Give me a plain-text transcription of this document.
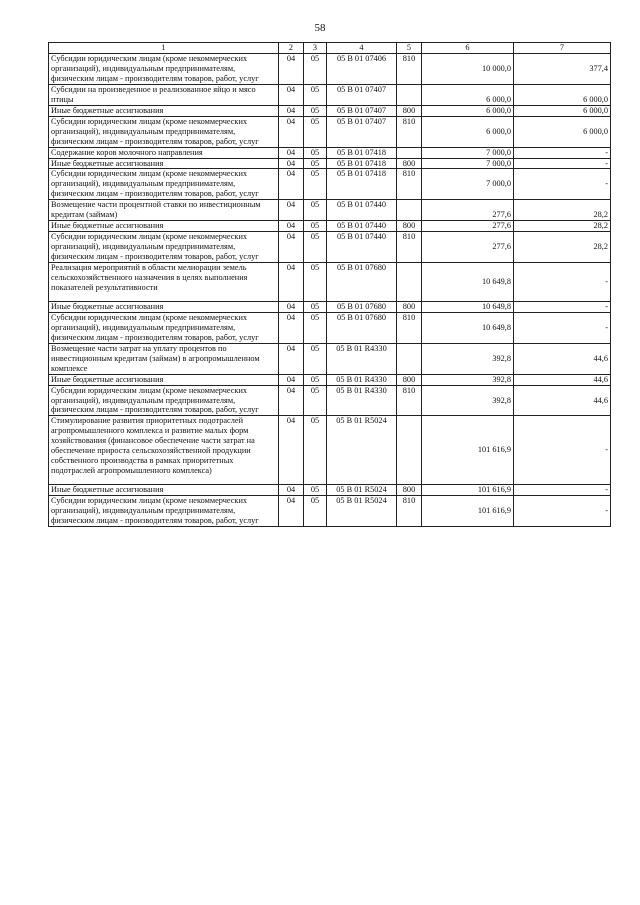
58
1	2	3	4	5	6	7
Субсидии юридическим лицам (кроме некоммерческих организаций), индивидуальным предпринимателям, физическим лицам - производителям товаров, работ, услуг	04	05	05 В 01 07406	810	10 000,0	377,4
Субсидии на произведенное и реализованное яйцо и мясо птицы	04	05	05 В 01 07407		6 000,0	6 000,0
Иные бюджетные ассигнования	04	05	05 В 01 07407	800	6 000,0	6 000,0
Субсидии юридическим лицам (кроме некоммерческих организаций), индивидуальным предпринимателям, физическим лицам - производителям товаров, работ, услуг	04	05	05 В 01 07407	810	6 000,0	6 000,0
Содержание коров молочного направления	04	05	05 В 01 07418		7 000,0	-
Иные бюджетные ассигнования	04	05	05 В 01 07418	800	7 000,0	-
Субсидии юридическим лицам (кроме некоммерческих организаций), индивидуальным предпринимателям, физическим лицам - производителям товаров, работ, услуг	04	05	05 В 01 07418	810	7 000,0	-
Возмещение части процентной ставки по инвестиционным кредитам (займам)	04	05	05 В 01 07440		277,6	28,2
Иные бюджетные ассигнования	04	05	05 В 01 07440	800	277,6	28,2
Субсидии юридическим лицам (кроме некоммерческих организаций), индивидуальным предпринимателям, физическим лицам - производителям товаров, работ, услуг	04	05	05 В 01 07440	810	277,6	28,2
Реализация мероприятий в области мелиорации земель сельскохозяйственного назначения в целях выполнения показателей результативности	04	05	05 В 01 07680		10 649,8	-
Иные бюджетные ассигнования	04	05	05 В 01 07680	800	10 649,8	-
Субсидии юридическим лицам (кроме некоммерческих организаций), индивидуальным предпринимателям, физическим лицам - производителям товаров, работ, услуг	04	05	05 В 01 07680	810	10 649,8	-
Возмещение части затрат на уплату процентов по инвестиционным кредитам (займам) в агропромышленном комплексе	04	05	05 В 01 R4330		392,8	44,6
Иные бюджетные ассигнования	04	05	05 В 01 R4330	800	392,8	44,6
Субсидии юридическим лицам (кроме некоммерческих организаций), индивидуальным предпринимателям, физическим лицам - производителям товаров, работ, услуг	04	05	05 В 01 R4330	810	392,8	44,6
Стимулирование развития приоритетных подотраслей агропромышленного комплекса и развитие малых форм хозяйствования (финансовое обеспечение части затрат на обеспечение прироста сельскохозяйственной продукции собственного производства в рамках приоритетных подотраслей агропромышленного комплекса)	04	05	05 В 01 R5024		101 616,9	-
Иные бюджетные ассигнования	04	05	05 В 01 R5024	800	101 616,9	-
Субсидии юридическим лицам (кроме некоммерческих организаций), индивидуальным предпринимателям, физическим лицам - производителям товаров, работ, услуг	04	05	05 В 01 R5024	810	101 616,9	-
